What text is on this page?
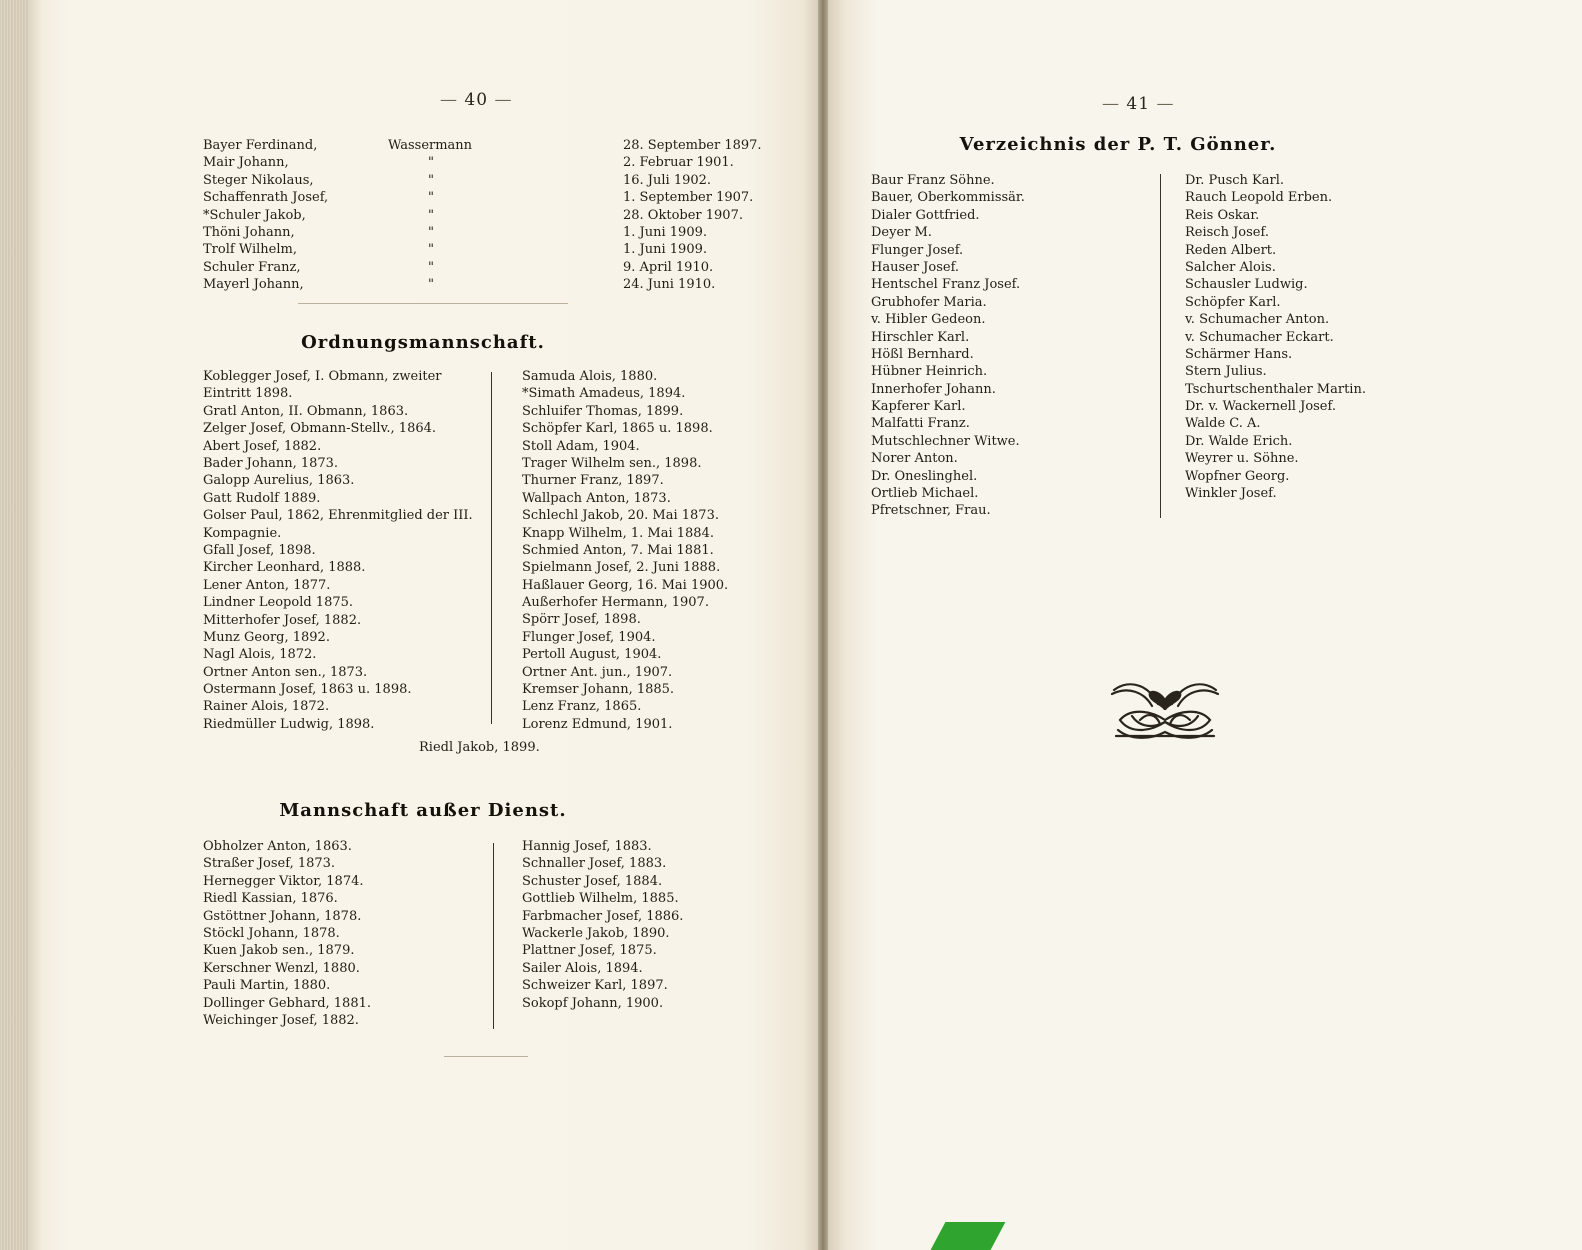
— 40 —
Bayer Ferdinand,
Mair Johann,
Steger Nikolaus,
Schaffenrath Josef,
*Schuler Jakob,
Thöni Johann,
Trolf Wilhelm,
Schuler Franz,
Mayerl Johann,
Wassermann
"
"
"
"
"
"
"
"
28. September 1897.
2. Februar 1901.
16. Juli 1902.
1. September 1907.
28. Oktober 1907.
1. Juni 1909.
1. Juni 1909.
9. April 1910.
24. Juni 1910.
Ordnungsmannschaft.
Koblegger Josef, I. Obmann, zweiter Eintritt 1898.
Gratl Anton, II. Obmann, 1863.
Zelger Josef, Obmann-Stellv., 1864.
Abert Josef, 1882.
Bader Johann, 1873.
Galopp Aurelius, 1863.
Gatt Rudolf 1889.
Golser Paul, 1862, Ehrenmitglied der III. Kompagnie.
Gfall Josef, 1898.
Kircher Leonhard, 1888.
Lener Anton, 1877.
Lindner Leopold 1875.
Mitterhofer Josef, 1882.
Munz Georg, 1892.
Nagl Alois, 1872.
Ortner Anton sen., 1873.
Ostermann Josef, 1863 u. 1898.
Rainer Alois, 1872.
Riedmüller Ludwig, 1898.
Samuda Alois, 1880.
*Simath Amadeus, 1894.
Schluifer Thomas, 1899.
Schöpfer Karl, 1865 u. 1898.
Stoll Adam, 1904.
Trager Wilhelm sen., 1898.
Thurner Franz, 1897.
Wallpach Anton, 1873.
Schlechl Jakob, 20. Mai 1873.
Knapp Wilhelm, 1. Mai 1884.
Schmied Anton, 7. Mai 1881.
Spielmann Josef, 2. Juni 1888.
Haßlauer Georg, 16. Mai 1900.
Außerhofer Hermann, 1907.
Spörr Josef, 1898.
Flunger Josef, 1904.
Pertoll August, 1904.
Ortner Ant. jun., 1907.
Kremser Johann, 1885.
Lenz Franz, 1865.
Lorenz Edmund, 1901.
Riedl Jakob, 1899.
Mannschaft außer Dienst.
Obholzer Anton, 1863.
Straßer Josef, 1873.
Hernegger Viktor, 1874.
Riedl Kassian, 1876.
Gstöttner Johann, 1878.
Stöckl Johann, 1878.
Kuen Jakob sen., 1879.
Kerschner Wenzl, 1880.
Pauli Martin, 1880.
Dollinger Gebhard, 1881.
Weichinger Josef, 1882.
Hannig Josef, 1883.
Schnaller Josef, 1883.
Schuster Josef, 1884.
Gottlieb Wilhelm, 1885.
Farbmacher Josef, 1886.
Wackerle Jakob, 1890.
Plattner Josef, 1875.
Sailer Alois, 1894.
Schweizer Karl, 1897.
Sokopf Johann, 1900.
— 41 —
Verzeichnis der P. T. Gönner.
Baur Franz Söhne.
Bauer, Oberkommissär.
Dialer Gottfried.
Deyer M.
Flunger Josef.
Hauser Josef.
Hentschel Franz Josef.
Grubhofer Maria.
v. Hibler Gedeon.
Hirschler Karl.
Hößl Bernhard.
Hübner Heinrich.
Innerhofer Johann.
Kapferer Karl.
Malfatti Franz.
Mutschlechner Witwe.
Norer Anton.
Dr. Oneslinghel.
Ortlieb Michael.
Pfretschner, Frau.
Dr. Pusch Karl.
Rauch Leopold Erben.
Reis Oskar.
Reisch Josef.
Reden Albert.
Salcher Alois.
Schausler Ludwig.
Schöpfer Karl.
v. Schumacher Anton.
v. Schumacher Eckart.
Schärmer Hans.
Stern Julius.
Tschurtschenthaler Martin.
Dr. v. Wackernell Josef.
Walde C. A.
Dr. Walde Erich.
Weyrer u. Söhne.
Wopfner Georg.
Winkler Josef.
